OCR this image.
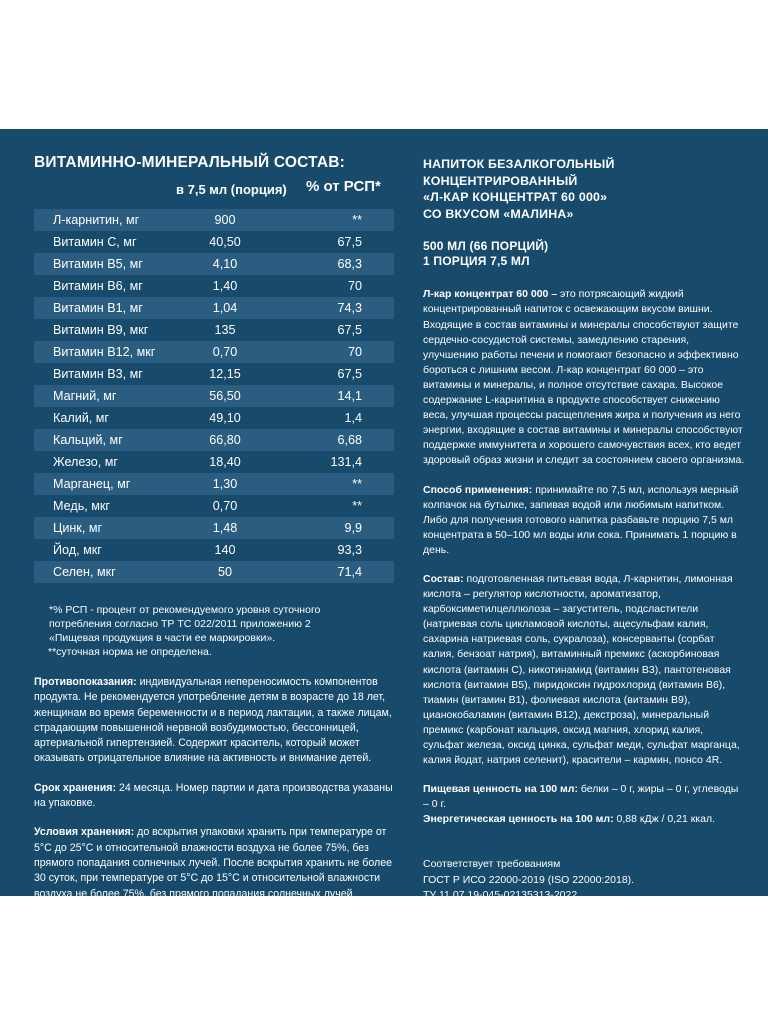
ВИТАМИННО-МИНЕРАЛЬНЫЙ СОСТАВ:
в 7,5 мл (порция) % от РСП*
Л-карнитин, мг	900	**
Витамин С, мг	40,50	67,5
Витамин В5, мг	4,10	68,3
Витамин В6, мг	1,40	70
Витамин В1, мг	1,04	74,3
Витамин В9, мкг	135	67,5
Витамин В12, мкг	0,70	70
Витамин В3, мг	12,15	67,5
Магний, мг	56,50	14,1
Калий, мг	49,10	1,4
Кальций, мг	66,80	6,68
Железо, мг	18,40	131,4
Марганец, мг	1,30	**
Медь, мкг	0,70	**
Цинк, мг	1,48	9,9
Йод, мкг	140	93,3
Селен, мкг	50	71,4

*% РСП - процент от рекомендуемого уровня суточного потребления согласно ТР ТС 022/2011 приложению 2 «Пищевая продукция в части ее маркировки».

**суточная норма не определена.

Противопоказания: индивидуальная непереносимость компонентов продукта. Не рекомендуется употребление детям в возрасте до 18 лет, женщинам во время беременности и в период лактации, а также лицам, страдающим повышенной нервной возбудимостью, бессонницей, артериальной гипертензией. Содержит краситель, который может оказывать отрицательное влияние на активность и внимание детей.

Срок хранения: 24 месяца. Номер партии и дата производства указаны на упаковке.

Условия хранения: до вскрытия упаковки хранить при температуре от 5°С до 25°С и относительной влажности воздуха не более 75%, без прямого попадания солнечных лучей. После вскрытия хранить не более 30 суток, при температуре от 5°С до 15°С и относительной влажности воздуха не более 75%, без прямого попадания солнечных лучей. Допускается незначительный осадок, перед использованием взбалтывать.

НАПИТОК БЕЗАЛКОГОЛЬНЫЙ
КОНЦЕНТРИРОВАННЫЙ
«Л-КАР КОНЦЕНТРАТ 60 000»
СО ВКУСОМ «МАЛИНА»

500 МЛ (66 ПОРЦИЙ)
1 ПОРЦИЯ 7,5 МЛ

Л-кар концентрат 60 000 – это потрясающий жидкий концентрированный напиток с освежающим вкусом вишни. Входящие в состав витамины и минералы способствуют защите сердечно-сосудистой системы, замедлению старения, улучшению работы печени и помогают безопасно и эффективно бороться с лишним весом. Л-кар концентрат 60 000 – это витамины и минералы, и полное отсутствие сахара. Высокое содержание L-карнитина в продукте способствует снижению веса, улучшая процессы расщепления жира и получения из него энергии, входящие в состав витамины и минералы способствуют поддержке иммунитета и хорошего самочувствия всех, кто ведет здоровый образ жизни и следит за состоянием своего организма.

Способ применения: принимайте по 7,5 мл, используя мерный колпачок на бутылке, запивая водой или любимым напитком. Либо для получения готового напитка разбавьте порцию 7,5 мл концентрата в 50–100 мл воды или сока. Принимать 1 порцию в день.

Состав: подготовленная питьевая вода, Л-карнитин, лимонная кислота – регулятор кислотности, ароматизатор, карбоксиметилцеллюлоза – загуститель, подсластители (натриевая соль цикламовой кислоты, ацесульфам калия, сахарина натриевая соль, сукралоза), консерванты (сорбат калия, бензоат натрия), витаминный премикс (аскорбиновая кислота (витамин С), никотинамид (витамин В3), пантотеновая кислота (витамин В5), пиридоксин гидрохлорид (витамин В6), тиамин (витамин В1), фолиевая кислота (витамин В9), цианокобаламин (витамин В12), декстроза), минеральный премикс (карбонат кальция, оксид магния, хлорид калия, сульфат железа, оксид цинка, сульфат меди, сульфат марганца, калия йодат, натрия селенит), красители – кармин, понсо 4R.

Пищевая ценность на 100 мл: белки – 0 г, жиры – 0 г, углеводы – 0 г.
Энергетическая ценность на 100 мл: 0,88 кДж / 0,21 ккал.

Соответствует требованиям
ГОСТ Р ИСО 22000-2019 (ISO 22000:2018).
ТУ 11.07.19-045-02135313-2022
